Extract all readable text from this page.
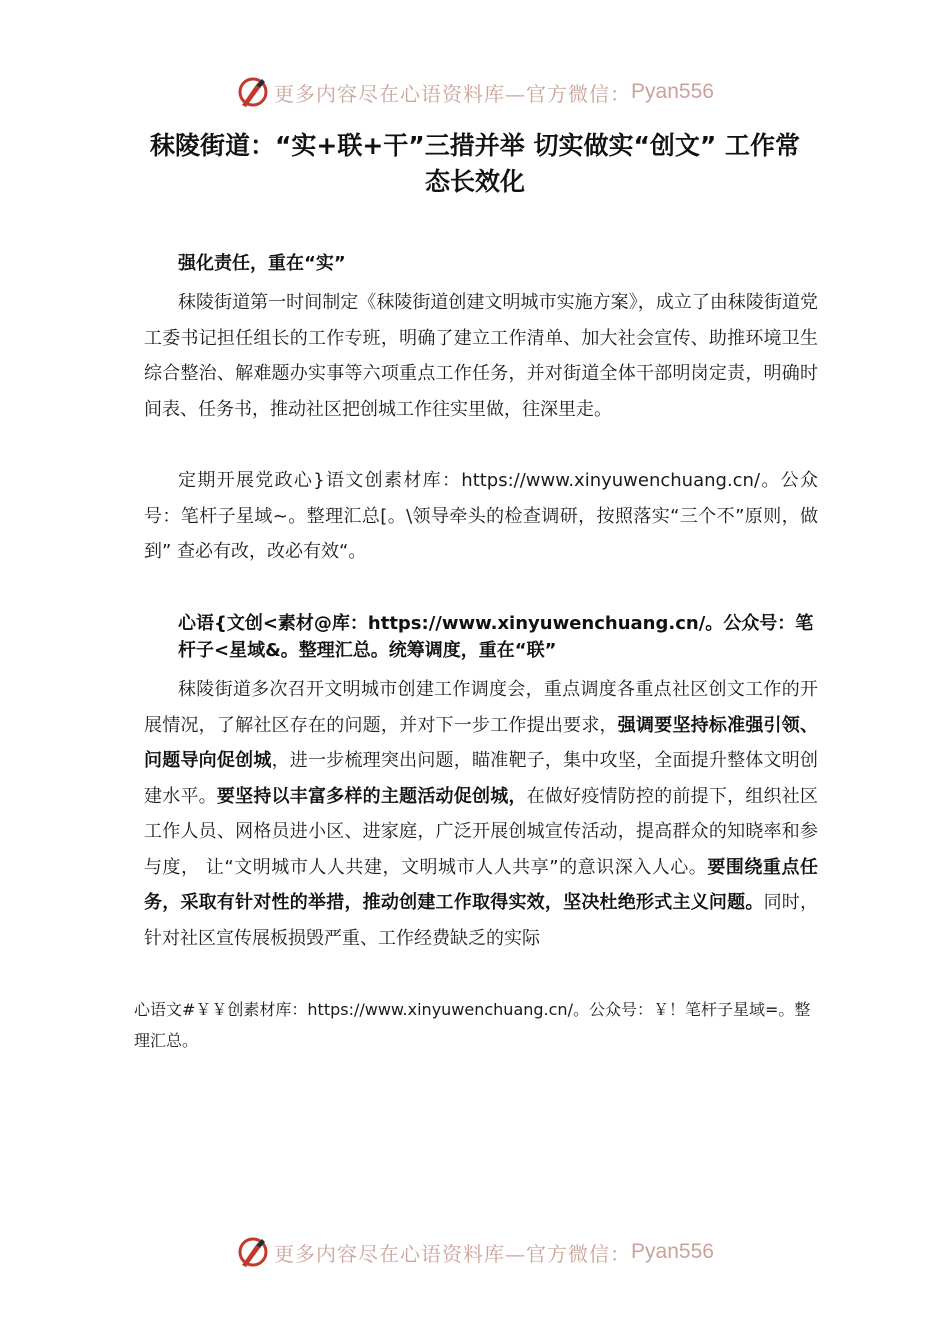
更多内容尽在心语资料库—官方微信： Pyan556
秣陵街道：“实+联+干”三措并举 切实做实“创文” 工作常态长效化
强化责任，重在“实”

秣陵街道第一时间制定《秣陵街道创建文明城市实施方案》，成立了由秣陵街道党工委书记担任组长的工作专班，明确了建立工作清单、加大社会宣传、助推环境卫生综合整治、解难题办实事等六项重点工作任务，并对街道全体干部明岗定责，明确时间表、任务书，推动社区把创城工作往实里做，往深里走。

定期开展党政心}语文创素材库：https://www.xinyuwenchuang.cn/。公众号：笔杆子星域~。整理汇总[。\领导牵头的检查调研，按照落实“三个不”原则，做到” 查必有改，改必有效“。

心语{文创<素材@库：https://www.xinyuwenchuang.cn/。公众号：笔杆子<星域&。整理汇总。统筹调度，重在“联”

秣陵街道多次召开文明城市创建工作调度会，重点调度各重点社区创文工作的开展情况，了解社区存在的问题，并对下一步工作提出要求，强调要坚持标准强引领、问题导向促创城，进一步梳理突出问题，瞄准靶子，集中攻坚，全面提升整体文明创建水平。要坚持以丰富多样的主题活动促创城，在做好疫情防控的前提下，组织社区工作人员、网格员进小区、进家庭，广泛开展创城宣传活动，提高群众的知晓率和参与度， 让“文明城市人人共建，文明城市人人共享”的意识深入人心。要围绕重点任务，采取有针对性的举措，推动创建工作取得实效，坚决杜绝形式主义问题。同时，针对社区宣传展板损毁严重、工作经费缺乏的实际

心语文#￥￥创素材库：https://www.xinyuwenchuang.cn/。公众号：￥！笔杆子星域=。整理汇总。
更多内容尽在心语资料库—官方微信： Pyan556
